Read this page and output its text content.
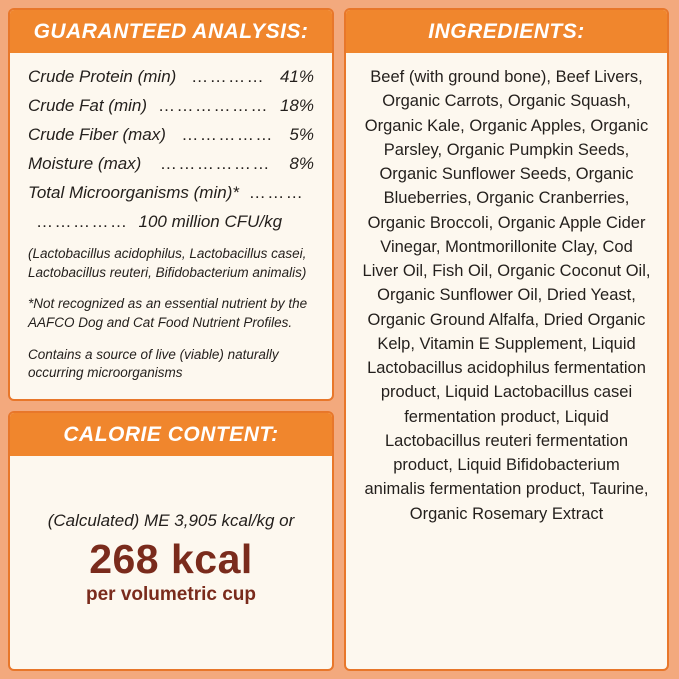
GUARANTEED ANALYSIS:
Crude Protein (min) ………… 41%
Crude Fat (min) ……………… 18%
Crude Fiber (max) …………… 5%
Moisture (max)	………………	8%
Total Microorganisms (min)* ………
…………… 100 million CFU/kg
(Lactobacillus acidophilus, Lactobacillus casei, Lactobacillus reuteri, Bifidobacterium animalis)
*Not recognized as an essential nutrient by the AAFCO Dog and Cat Food Nutrient Profiles.
Contains a source of live (viable) naturally occurring microorganisms
CALORIE CONTENT:
(Calculated) ME 3,905 kcal/kg or
268 kcal
per volumetric cup
INGREDIENTS:
Beef (with ground bone), Beef Livers, Organic Carrots, Organic Squash, Organic Kale, Organic Apples, Organic Parsley, Organic Pumpkin Seeds, Organic Sunflower Seeds, Organic Blueberries, Organic Cranberries, Organic Broccoli, Organic Apple Cider Vinegar, Montmorillonite Clay, Cod Liver Oil, Fish Oil, Organic Coconut Oil, Organic Sunflower Oil, Dried Yeast, Organic Ground Alfalfa, Dried Organic Kelp, Vitamin E Supplement, Liquid Lactobacillus acidophilus fermentation product, Liquid Lactobacillus casei fermentation product, Liquid Lactobacillus reuteri fermentation product, Liquid Bifidobacterium animalis fermentation product, Taurine, Organic Rosemary Extract
